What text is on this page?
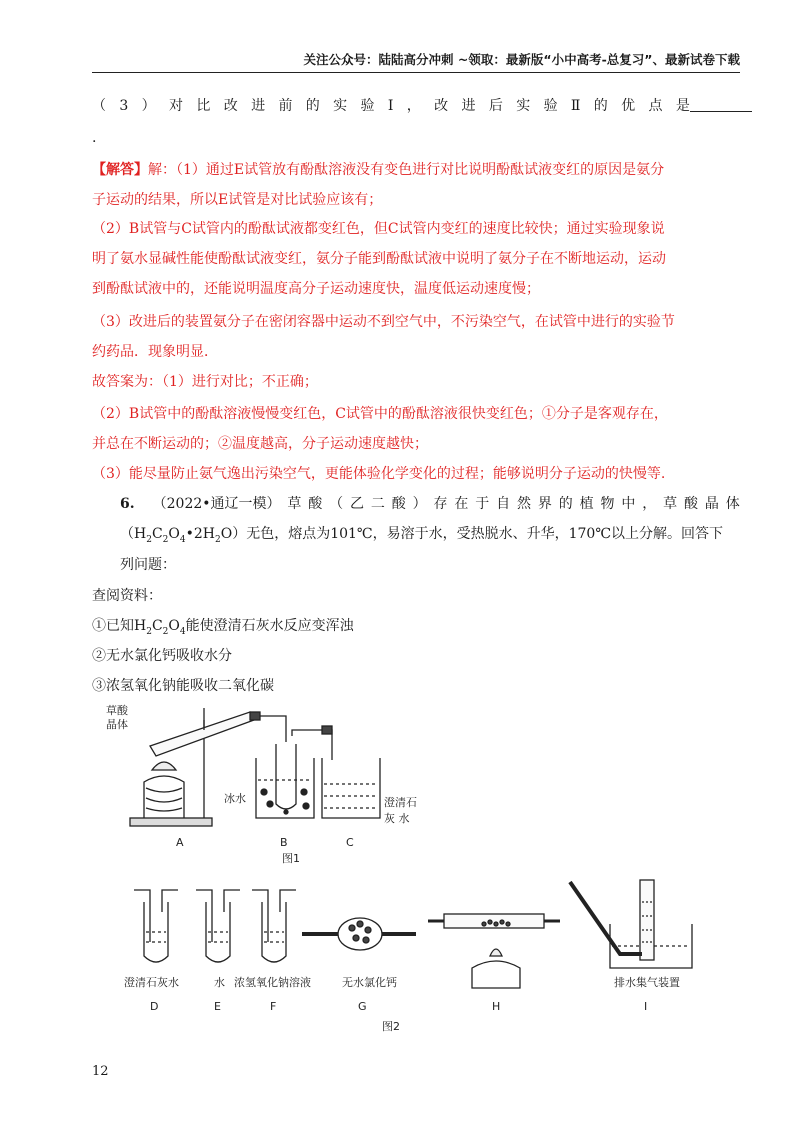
关注公众号：陆陆高分冲刺 ~领取：最新版“小中高考-总复习”、最新试卷下载
（ 3 ） 对 比 改 进 前 的 实 验 Ⅰ ， 改 进 后 实 验 Ⅱ 的 优 点 是
.
【解答】解：（1）通过E试管放有酚酞溶液没有变色进行对比说明酚酞试液变红的原因是氨分
子运动的结果，所以E试管是对比试验应该有；
（2）B试管与C试管内的酚酞试液都变红色，但C试管内变红的速度比较快；通过实验现象说
明了氨水显碱性能使酚酞试液变红，氨分子能到酚酞试液中说明了氨分子在不断地运动，运动
到酚酞试液中的，还能说明温度高分子运动速度快，温度低运动速度慢；
（3）改进后的装置氨分子在密闭容器中运动不到空气中，不污染空气，在试管中进行的实验节
约药品．现象明显．
故答案为：（1）进行对比；不正确；
（2）B试管中的酚酞溶液慢慢变红色，C试管中的酚酞溶液很快变红色；①分子是客观存在，
并总在不断运动的；②温度越高，分子运动速度越快；
（3）能尽量防止氨气逸出污染空气，更能体验化学变化的过程；能够说明分子运动的快慢等.
6. （2022•通辽一模） 草 酸 （ 乙 二 酸 ） 存 在 于 自 然 界 的 植 物 中 ， 草 酸 晶 体
$(H_2C_2O_4•2H_2O)$无色，熔点为101℃，易溶于水，受热脱水、升华，170℃以上分解。回答下
列问题：
查阅资料：
①已知$H_2C_2O_4$能使澄清石灰水反应变浑浊
②无水氯化钙吸收水分
③浓氢氧化钠能吸收二氧化碳
草酸
晶体
冰水	澄清石
灰 水
A	B	C
图1
澄清石灰水	水 浓氢氧化钠溶液	无水氯化钙	排水集气装置
D	E	F	G	H	I
图2
12
